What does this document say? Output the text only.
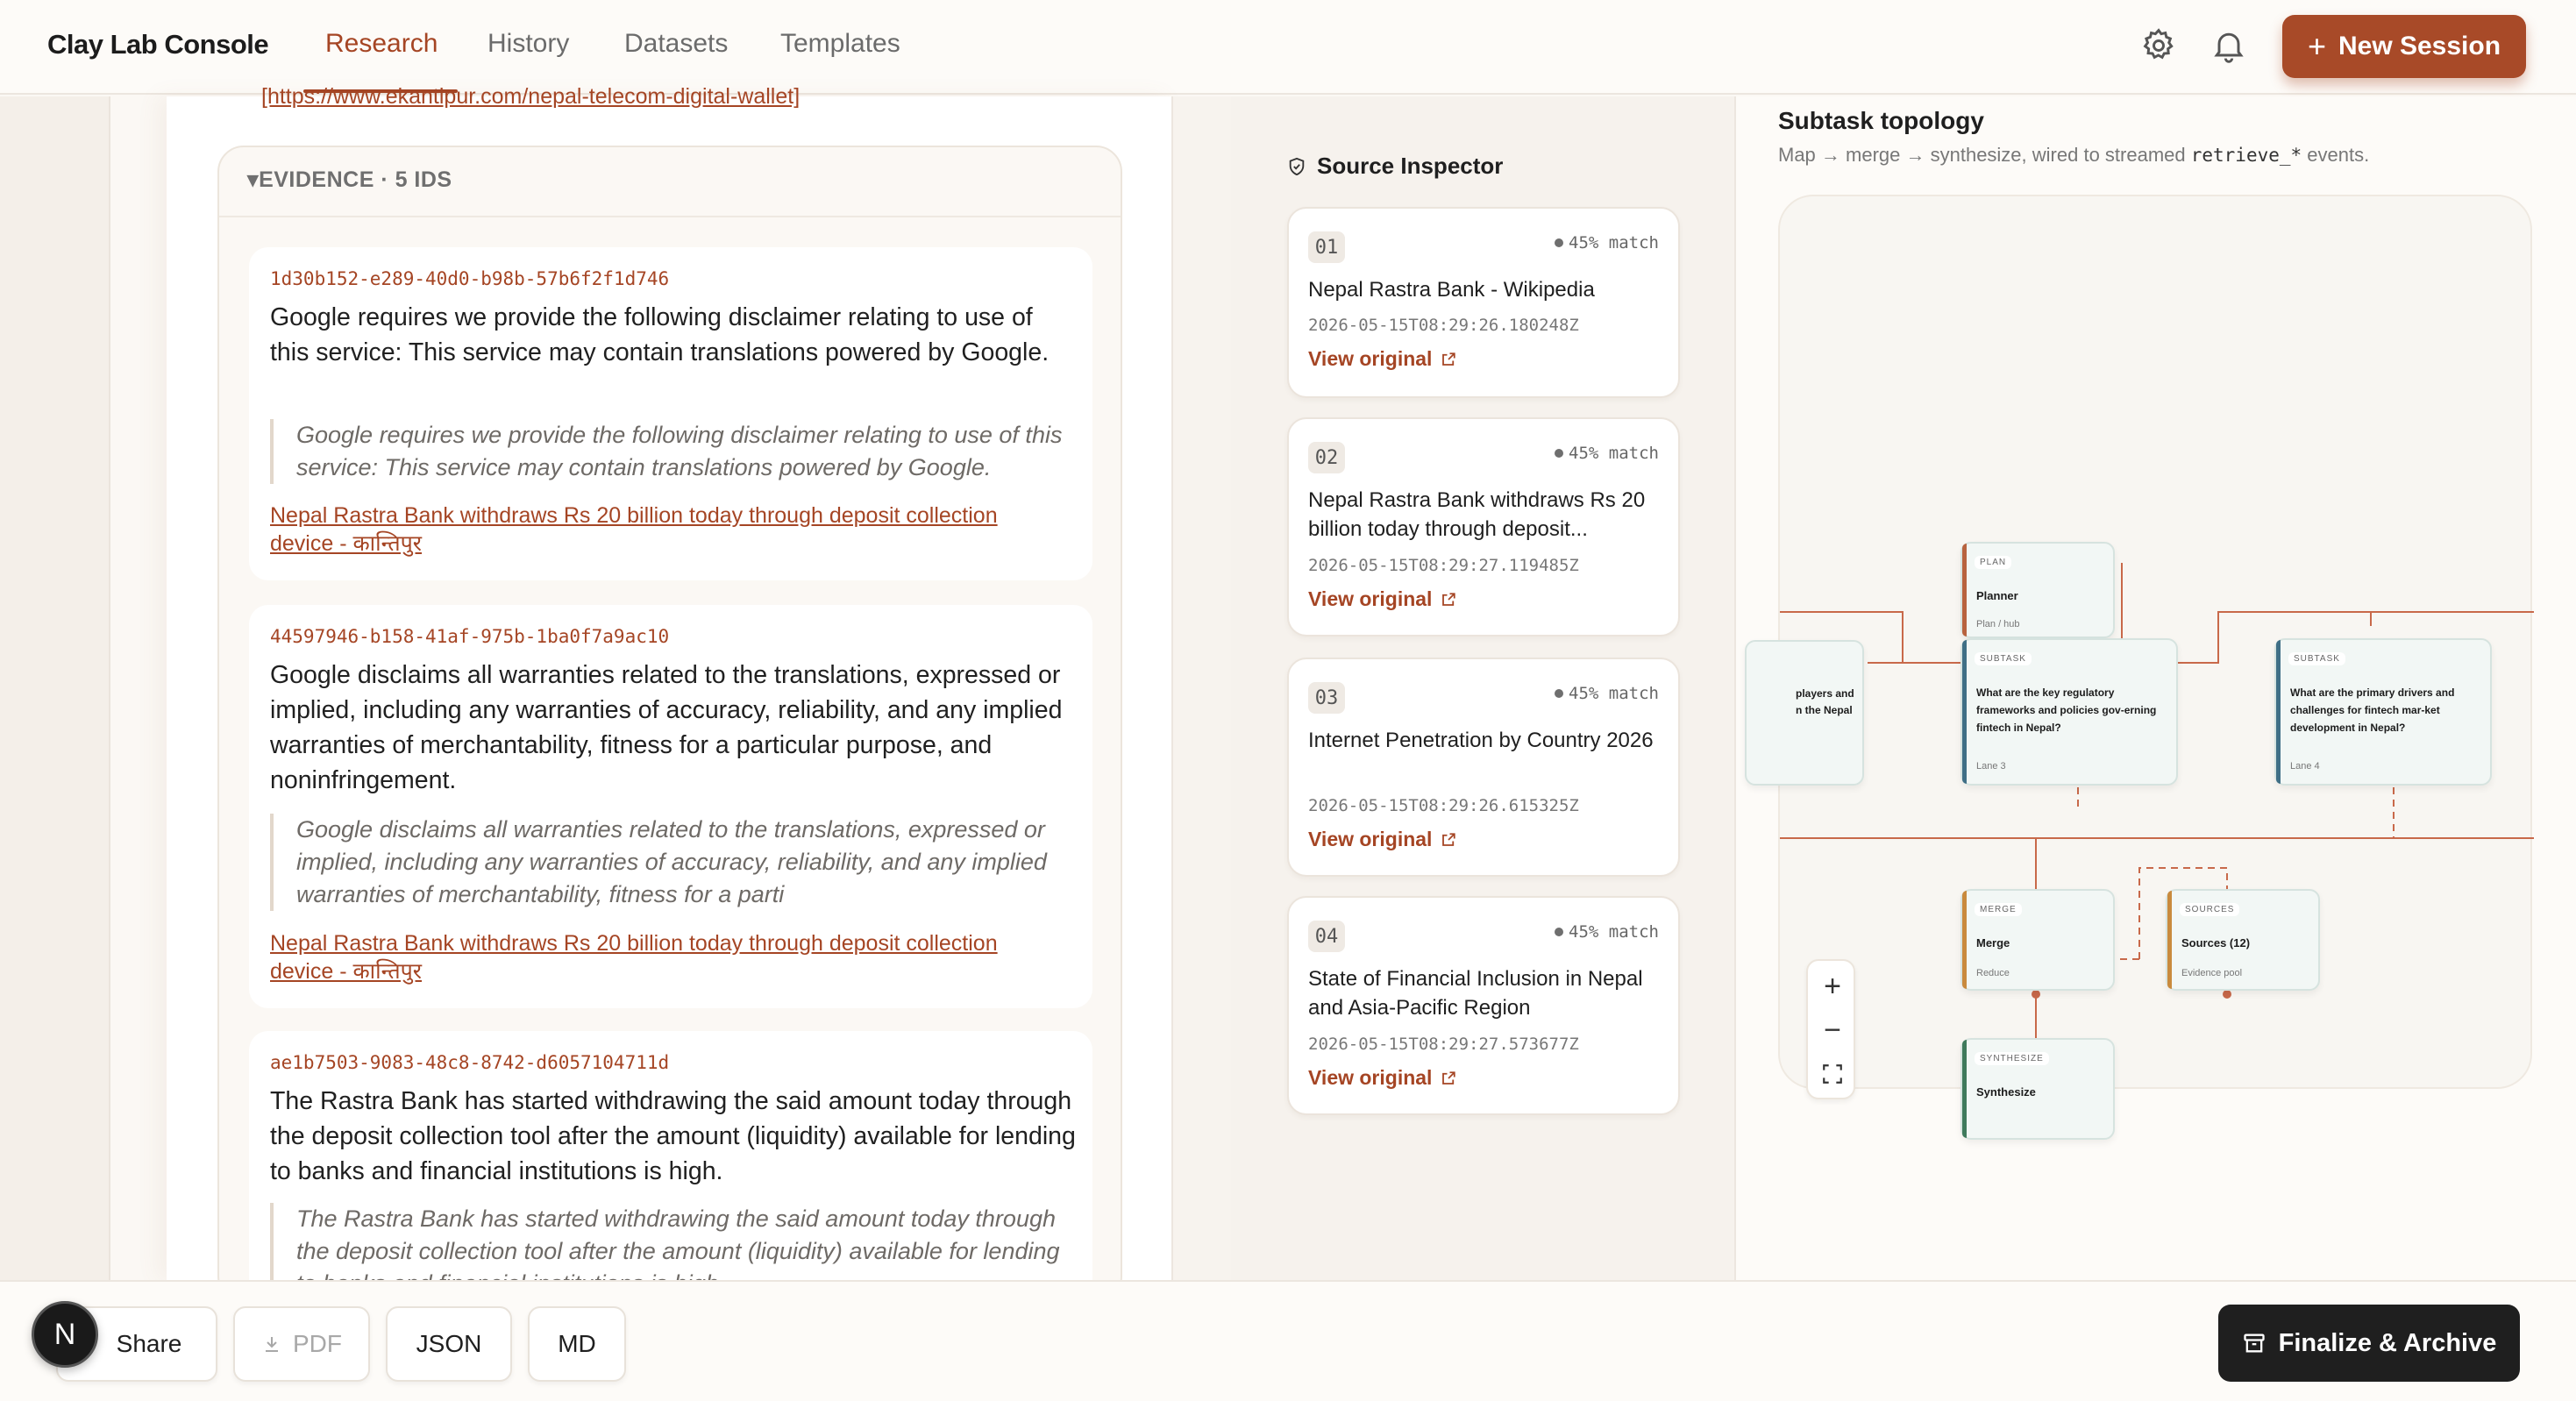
Clay Lab Console Research History Datasets Templates	+ New Session
[https://www.ekantipur.com/nepal-telecom-digital-wallet]
▾EVIDENCE · 5 IDS
1d30b152-e289-40d0-b98b-57b6f2f1d746
Google requires we provide the following disclaimer relating to use of this service: This service may contain translations powered by Google.
Google requires we provide the following disclaimer relating to use of this service: This service may contain translations powered by Google.
Nepal Rastra Bank withdraws Rs 20 billion today through deposit collection device - कान्तिपुर
44597946-b158-41af-975b-1ba0f7a9ac10
Google disclaims all warranties related to the translations, expressed or implied, including any warranties of accuracy, reliability, and any implied warranties of merchantability, fitness for a particular purpose, and noninfringement.
Google disclaims all warranties related to the translations, expressed or implied, including any warranties of accuracy, reliability, and any implied warranties of merchantability, fitness for a parti
Nepal Rastra Bank withdraws Rs 20 billion today through deposit collection device - कान्तिपुर
ae1b7503-9083-48c8-8742-d6057104711d
The Rastra Bank has started withdrawing the said amount today through the deposit collection tool after the amount (liquidity) available for lending to banks and financial institutions is high.
The Rastra Bank has started withdrawing the said amount today through the deposit collection tool after the amount (liquidity) available for lending
Source Inspector
01	45% match
Nepal Rastra Bank - Wikipedia
2026-05-15T08:29:26.180248Z
View original
02	45% match
Nepal Rastra Bank withdraws Rs 20 billion today through deposit...
2026-05-15T08:29:27.119485Z
View original
03	45% match
Internet Penetration by Country 2026
2026-05-15T08:29:26.615325Z
View original
04	45% match
State of Financial Inclusion in Nepal and Asia-Pacific Region
2026-05-15T08:29:27.573677Z
View original
Subtask topology
Map → merge → synthesize, wired to streamed retrieve_* events.
players and
n the Nepal
PLAN
Planner
Plan / hub
SUBTASK
What are the key regulatory frameworks and policies gov-erning fintech in Nepal?
Lane 3
SUBTASK
What are the primary drivers and challenges for fintech mar-ket development in Nepal?
Lane 4
MERGE
Merge
Reduce
SOURCES
Sources (12)
Evidence pool
SYNTHESIZE
Synthesize
+
−
Share	PDF	JSON	MD	Finalize & Archive
N
